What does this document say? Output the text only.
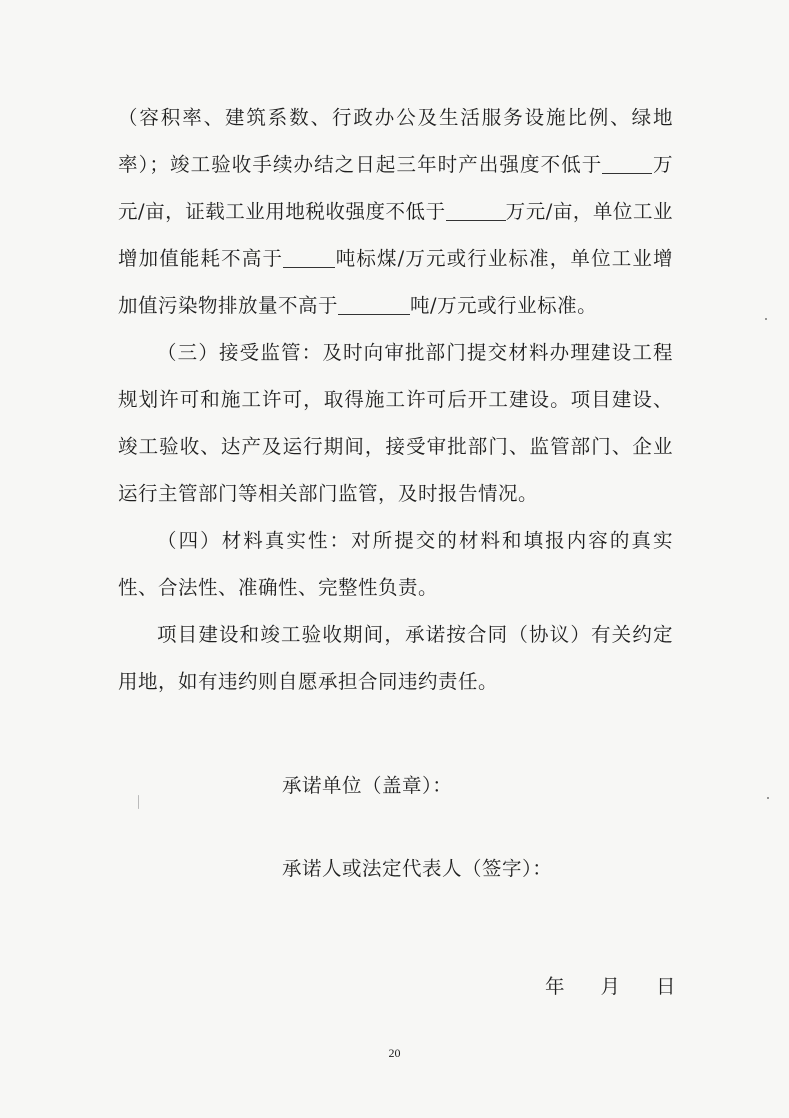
（容积率、建筑系数、行政办公及生活服务设施比例、绿地率）；竣工验收手续办结之日起三年时产出强度不低于	万元/亩，证载工业用地税收强度不低于	万元/亩，单位工业增加值能耗不高于	吨标煤/万元或行业标准，单位工业增加值污染物排放量不高于	吨/万元或行业标准。

（三）接受监管：及时向审批部门提交材料办理建设工程规划许可和施工许可，取得施工许可后开工建设。项目建设、竣工验收、达产及运行期间，接受审批部门、监管部门、企业运行主管部门等相关部门监管，及时报告情况。

（四）材料真实性：对所提交的材料和填报内容的真实性、合法性、准确性、完整性负责。

项目建设和竣工验收期间，承诺按合同（协议）有关约定用地，如有违约则自愿承担合同违约责任。

承诺单位（盖章）：
承诺人或法定代表人（签字）：
年 月 日
20
